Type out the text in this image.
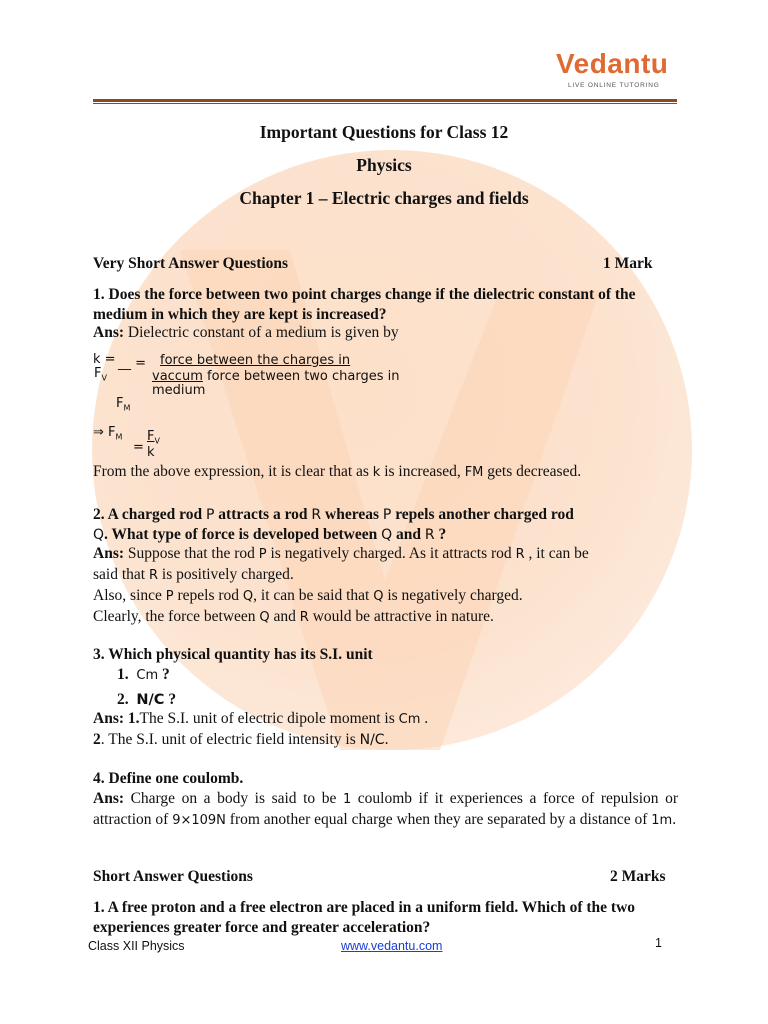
Vedantu
LIVE ONLINE TUTORING
Important Questions for Class 12
Physics
Chapter 1 – Electric charges and fields
Very Short Answer Questions	1 Mark
1. Does the force between two point charges change if the dielectric constant of the medium in which they are kept is increased?
Ans: Dielectric constant of a medium is given by
k = __ = force between the charges in
$F_V$	vaccum force between two charges in
medium
$F_M$
⇒ $F_M$
=
$F_V$
k
From the above expression, it is clear that as k is increased, FM gets decreased.
2. A charged rod P attracts a rod R whereas P repels another charged rod
Q. What type of force is developed between Q and R ?
Ans: Suppose that the rod P is negatively charged. As it attracts rod R , it can be
said that R is positively charged.
Also, since P repels rod Q, it can be said that Q is negatively charged.
Clearly, the force between Q and R would be attractive in nature.
3. Which physical quantity has its S.I. unit
1. Cm ?
2. N/C ?
Ans: 1.The S.I. unit of electric dipole moment is Cm .
2. The S.I. unit of electric field intensity is N/C.
4. Define one coulomb.
Ans: Charge on a body is said to be 1 coulomb if it experiences a force of repulsion or attraction of 9×109N from another equal charge when they are separated by a distance of 1m.
Short Answer Questions	2 Marks
1. A free proton and a free electron are placed in a uniform field. Which of the two experiences greater force and greater acceleration?
Class XII Physics	www.vedantu.com	1
